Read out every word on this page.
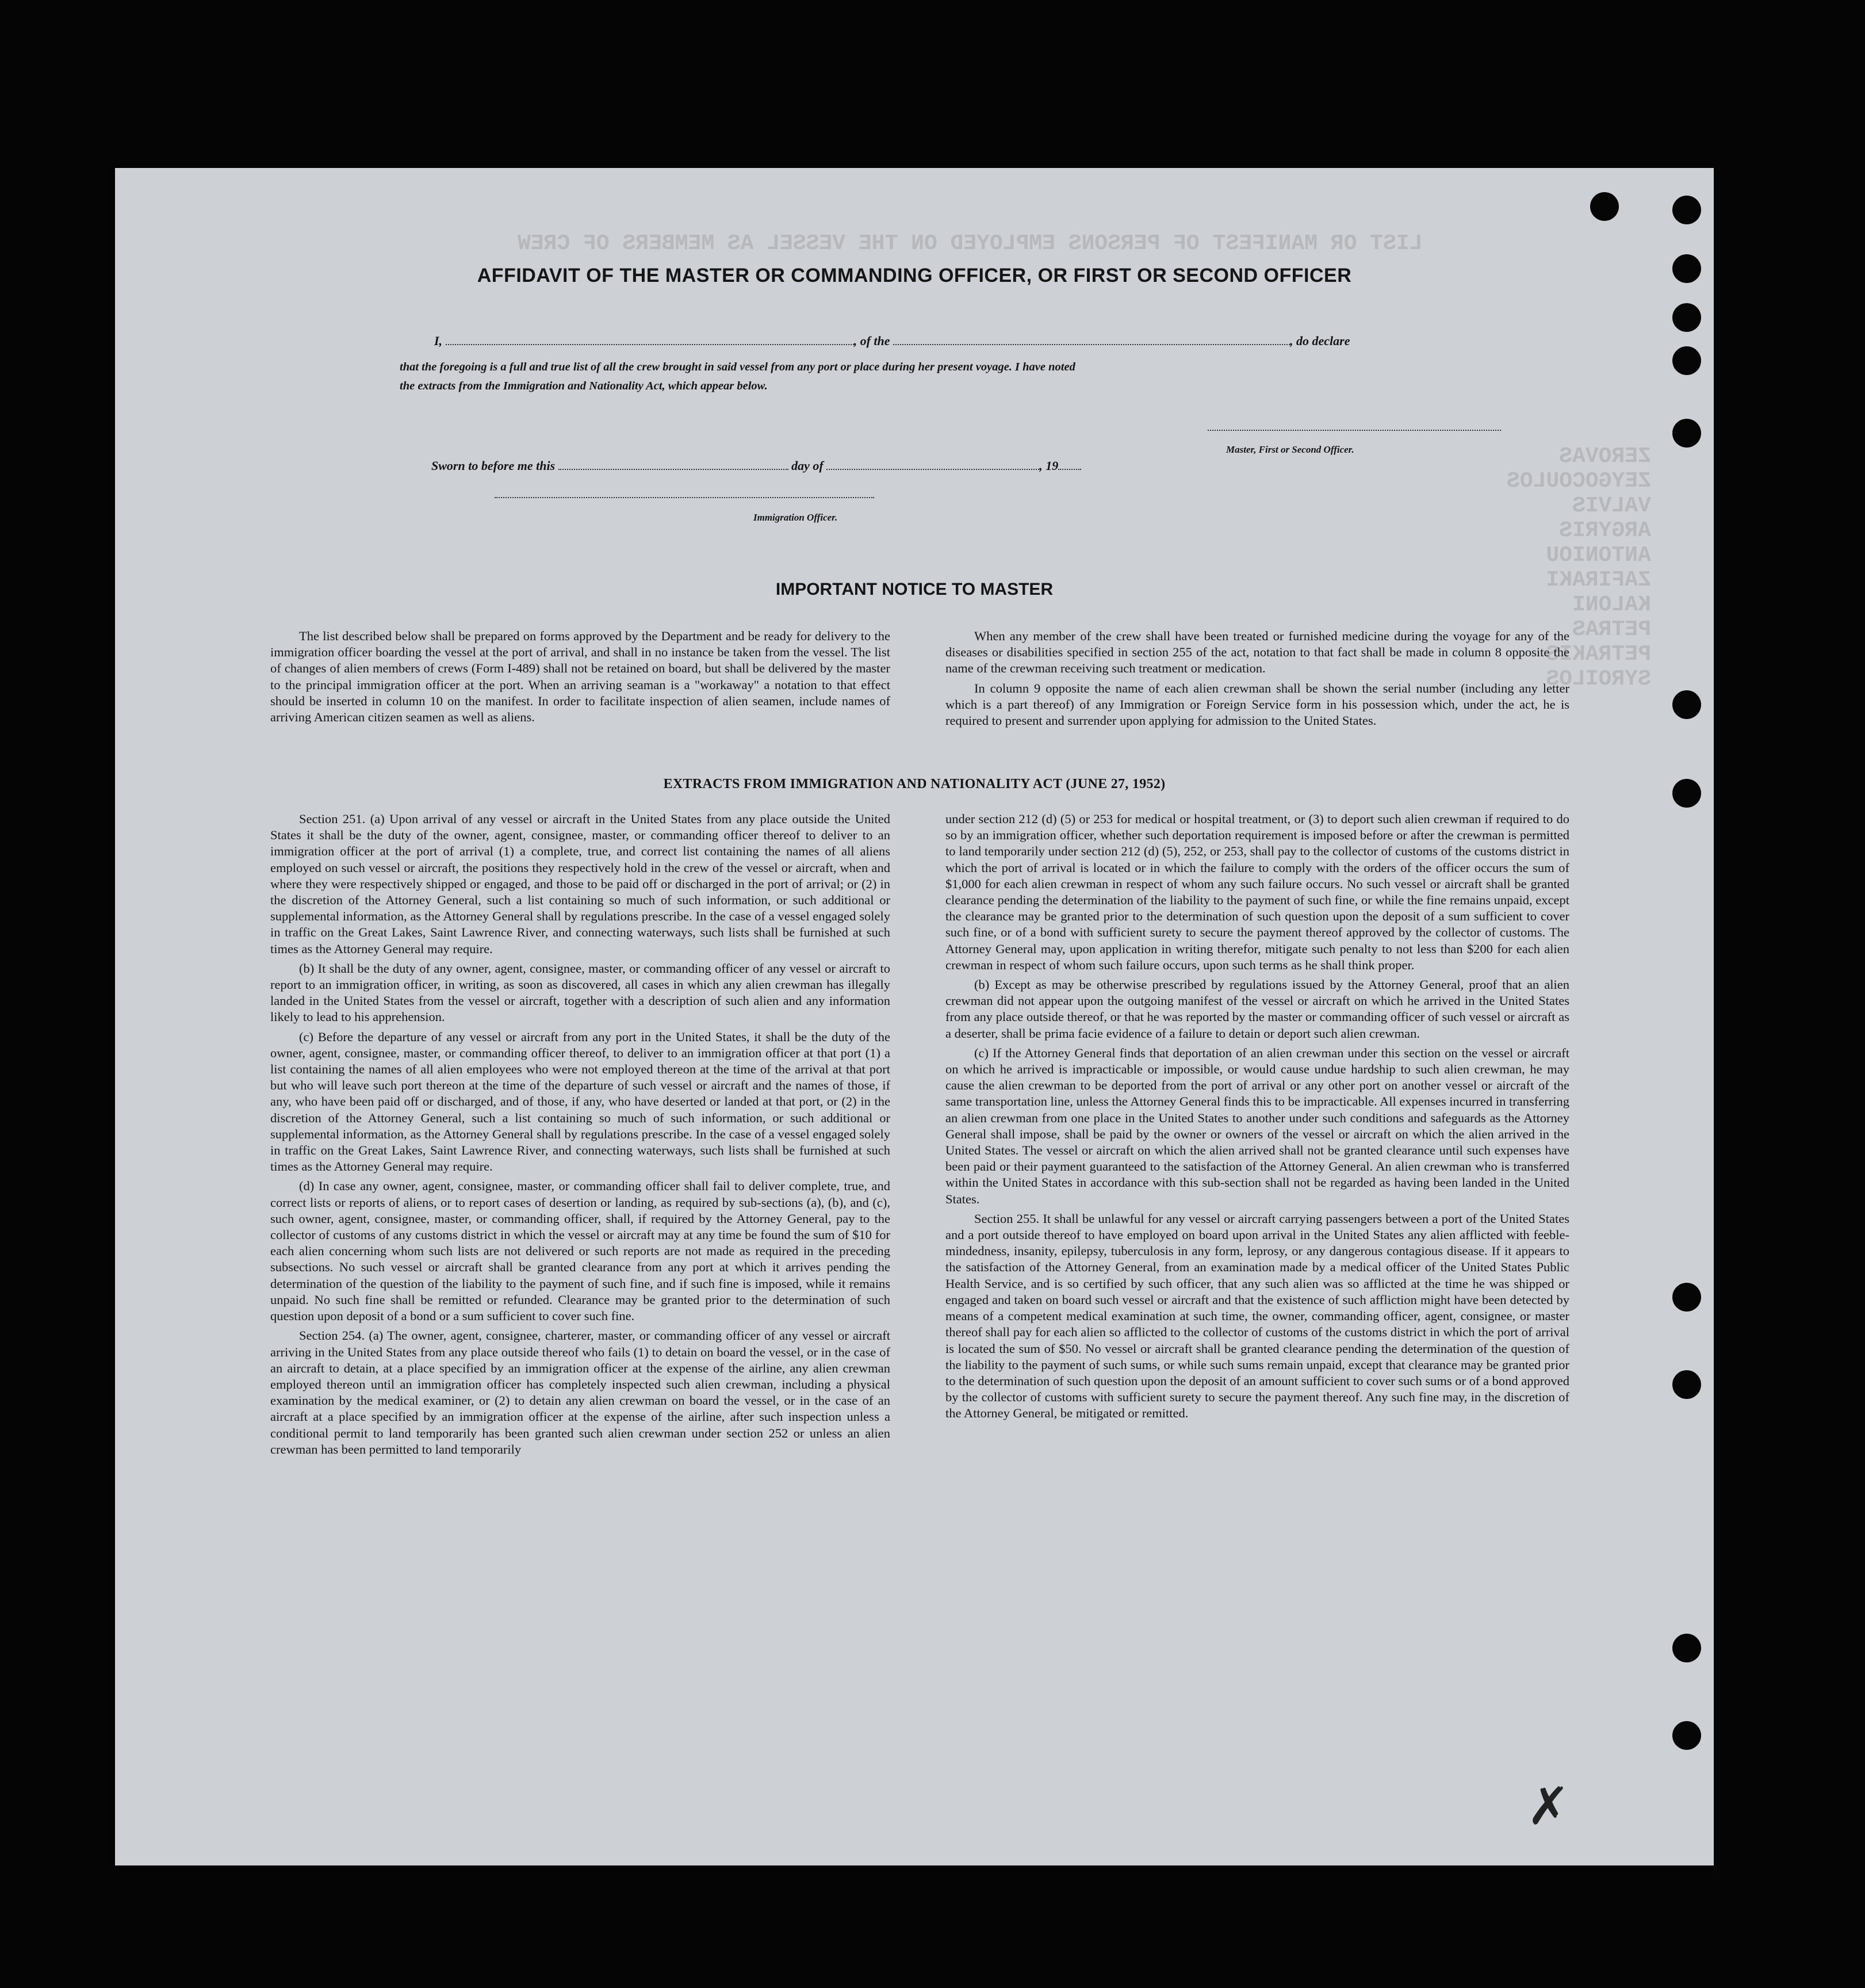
LIST OR MANIFEST OF PERSONS EMPLOYED ON THE VESSEL AS MEMBERS OF CREW
ZEROVAS
ZEYGOCOULOS
VALVIS
ARGYRIS
ANTONIOU
ZAFIRAKI
KALONI
PETRAS
PETRAKIS
SYROILOS
AFFIDAVIT OF THE MASTER OR COMMANDING OFFICER, OR FIRST OR SECOND OFFICER
I,	, of the	, do declare
that the foregoing is a full and true list of all the crew brought in said vessel from any port or place during her present voyage. I have noted
the extracts from the Immigration and Nationality Act, which appear below.
Master, First or Second Officer.
Sworn to before me this	day of	, 19
Immigration Officer.
IMPORTANT NOTICE TO MASTER

The list described below shall be prepared on forms approved by the Department and be ready for delivery to the immigration officer boarding the vessel at the port of arrival, and shall in no instance be taken from the vessel. The list of changes of alien members of crews (Form I-489) shall not be retained on board, but shall be delivered by the master to the principal immigration officer at the port. When an arriving seaman is a "workaway" a notation to that effect should be inserted in column 10 on the manifest. In order to facilitate inspection of alien seamen, include names of arriving American citizen seamen as well as aliens.

When any member of the crew shall have been treated or furnished medicine during the voyage for any of the diseases or disabilities specified in section 255 of the act, notation to that fact shall be made in column 8 opposite the name of the crewman receiving such treatment or medication.

In column 9 opposite the name of each alien crewman shall be shown the serial number (including any letter which is a part thereof) of any Immigration or Foreign Service form in his possession which, under the act, he is required to present and surrender upon applying for admission to the United States.

EXTRACTS FROM IMMIGRATION AND NATIONALITY ACT (JUNE 27, 1952)

Section 251. (a) Upon arrival of any vessel or aircraft in the United States from any place outside the United States it shall be the duty of the owner, agent, consignee, master, or commanding officer thereof to deliver to an immigration officer at the port of arrival (1) a complete, true, and correct list containing the names of all aliens employed on such vessel or aircraft, the positions they respectively hold in the crew of the vessel or aircraft, when and where they were respectively shipped or engaged, and those to be paid off or discharged in the port of arrival; or (2) in the discretion of the Attorney General, such a list containing so much of such information, or such additional or supplemental information, as the Attorney General shall by regulations prescribe. In the case of a vessel engaged solely in traffic on the Great Lakes, Saint Lawrence River, and connecting waterways, such lists shall be furnished at such times as the Attorney General may require.

(b) It shall be the duty of any owner, agent, consignee, master, or commanding officer of any vessel or aircraft to report to an immigration officer, in writing, as soon as discovered, all cases in which any alien crewman has illegally landed in the United States from the vessel or aircraft, together with a description of such alien and any information likely to lead to his apprehension.

(c) Before the departure of any vessel or aircraft from any port in the United States, it shall be the duty of the owner, agent, consignee, master, or commanding officer thereof, to deliver to an immigration officer at that port (1) a list containing the names of all alien employees who were not employed thereon at the time of the arrival at that port but who will leave such port thereon at the time of the departure of such vessel or aircraft and the names of those, if any, who have been paid off or discharged, and of those, if any, who have deserted or landed at that port, or (2) in the discretion of the Attorney General, such a list containing so much of such information, or such additional or supplemental information, as the Attorney General shall by regulations prescribe. In the case of a vessel engaged solely in traffic on the Great Lakes, Saint Lawrence River, and connecting waterways, such lists shall be furnished at such times as the Attorney General may require.

(d) In case any owner, agent, consignee, master, or commanding officer shall fail to deliver complete, true, and correct lists or reports of aliens, or to report cases of desertion or landing, as required by sub-sections (a), (b), and (c), such owner, agent, consignee, master, or commanding officer, shall, if required by the Attorney General, pay to the collector of customs of any customs district in which the vessel or aircraft may at any time be found the sum of $10 for each alien concerning whom such lists are not delivered or such reports are not made as required in the preceding subsections. No such vessel or aircraft shall be granted clearance from any port at which it arrives pending the determination of the question of the liability to the payment of such fine, and if such fine is imposed, while it remains unpaid. No such fine shall be remitted or refunded. Clearance may be granted prior to the determination of such question upon deposit of a bond or a sum sufficient to cover such fine.

Section 254. (a) The owner, agent, consignee, charterer, master, or commanding officer of any vessel or aircraft arriving in the United States from any place outside thereof who fails (1) to detain on board the vessel, or in the case of an aircraft to detain, at a place specified by an immigration officer at the expense of the airline, any alien crewman employed thereon until an immigration officer has completely inspected such alien crewman, including a physical examination by the medical examiner, or (2) to detain any alien crewman on board the vessel, or in the case of an aircraft at a place specified by an immigration officer at the expense of the airline, after such inspection unless a conditional permit to land temporarily has been granted such alien crewman under section 252 or unless an alien crewman has been permitted to land temporarily

under section 212 (d) (5) or 253 for medical or hospital treatment, or (3) to deport such alien crewman if required to do so by an immigration officer, whether such deportation requirement is imposed before or after the crewman is permitted to land temporarily under section 212 (d) (5), 252, or 253, shall pay to the collector of customs of the customs district in which the port of arrival is located or in which the failure to comply with the orders of the officer occurs the sum of $1,000 for each alien crewman in respect of whom any such failure occurs. No such vessel or aircraft shall be granted clearance pending the determination of the liability to the payment of such fine, or while the fine remains unpaid, except the clearance may be granted prior to the determination of such question upon the deposit of a sum sufficient to cover such fine, or of a bond with sufficient surety to secure the payment thereof approved by the collector of customs. The Attorney General may, upon application in writing therefor, mitigate such penalty to not less than $200 for each alien crewman in respect of whom such failure occurs, upon such terms as he shall think proper.

(b) Except as may be otherwise prescribed by regulations issued by the Attorney General, proof that an alien crewman did not appear upon the outgoing manifest of the vessel or aircraft on which he arrived in the United States from any place outside thereof, or that he was reported by the master or commanding officer of such vessel or aircraft as a deserter, shall be prima facie evidence of a failure to detain or deport such alien crewman.

(c) If the Attorney General finds that deportation of an alien crewman under this section on the vessel or aircraft on which he arrived is impracticable or impossible, or would cause undue hardship to such alien crewman, he may cause the alien crewman to be deported from the port of arrival or any other port on another vessel or aircraft of the same transportation line, unless the Attorney General finds this to be impracticable. All expenses incurred in transferring an alien crewman from one place in the United States to another under such conditions and safeguards as the Attorney General shall impose, shall be paid by the owner or owners of the vessel or aircraft on which the alien arrived in the United States. The vessel or aircraft on which the alien arrived shall not be granted clearance until such expenses have been paid or their payment guaranteed to the satisfaction of the Attorney General. An alien crewman who is transferred within the United States in accordance with this sub-section shall not be regarded as having been landed in the United States.

Section 255. It shall be unlawful for any vessel or aircraft carrying passengers between a port of the United States and a port outside thereof to have employed on board upon arrival in the United States any alien afflicted with feeble-mindedness, insanity, epilepsy, tuberculosis in any form, leprosy, or any dangerous contagious disease. If it appears to the satisfaction of the Attorney General, from an examination made by a medical officer of the United States Public Health Service, and is so certified by such officer, that any such alien was so afflicted at the time he was shipped or engaged and taken on board such vessel or aircraft and that the existence of such affliction might have been detected by means of a competent medical examination at such time, the owner, commanding officer, agent, consignee, or master thereof shall pay for each alien so afflicted to the collector of customs of the customs district in which the port of arrival is located the sum of $50. No vessel or aircraft shall be granted clearance pending the determination of the question of the liability to the payment of such sums, or while such sums remain unpaid, except that clearance may be granted prior to the determination of such question upon the deposit of an amount sufficient to cover such sums or of a bond approved by the collector of customs with sufficient surety to secure the payment thereof. Any such fine may, in the discretion of the Attorney General, be mitigated or remitted.

✗
